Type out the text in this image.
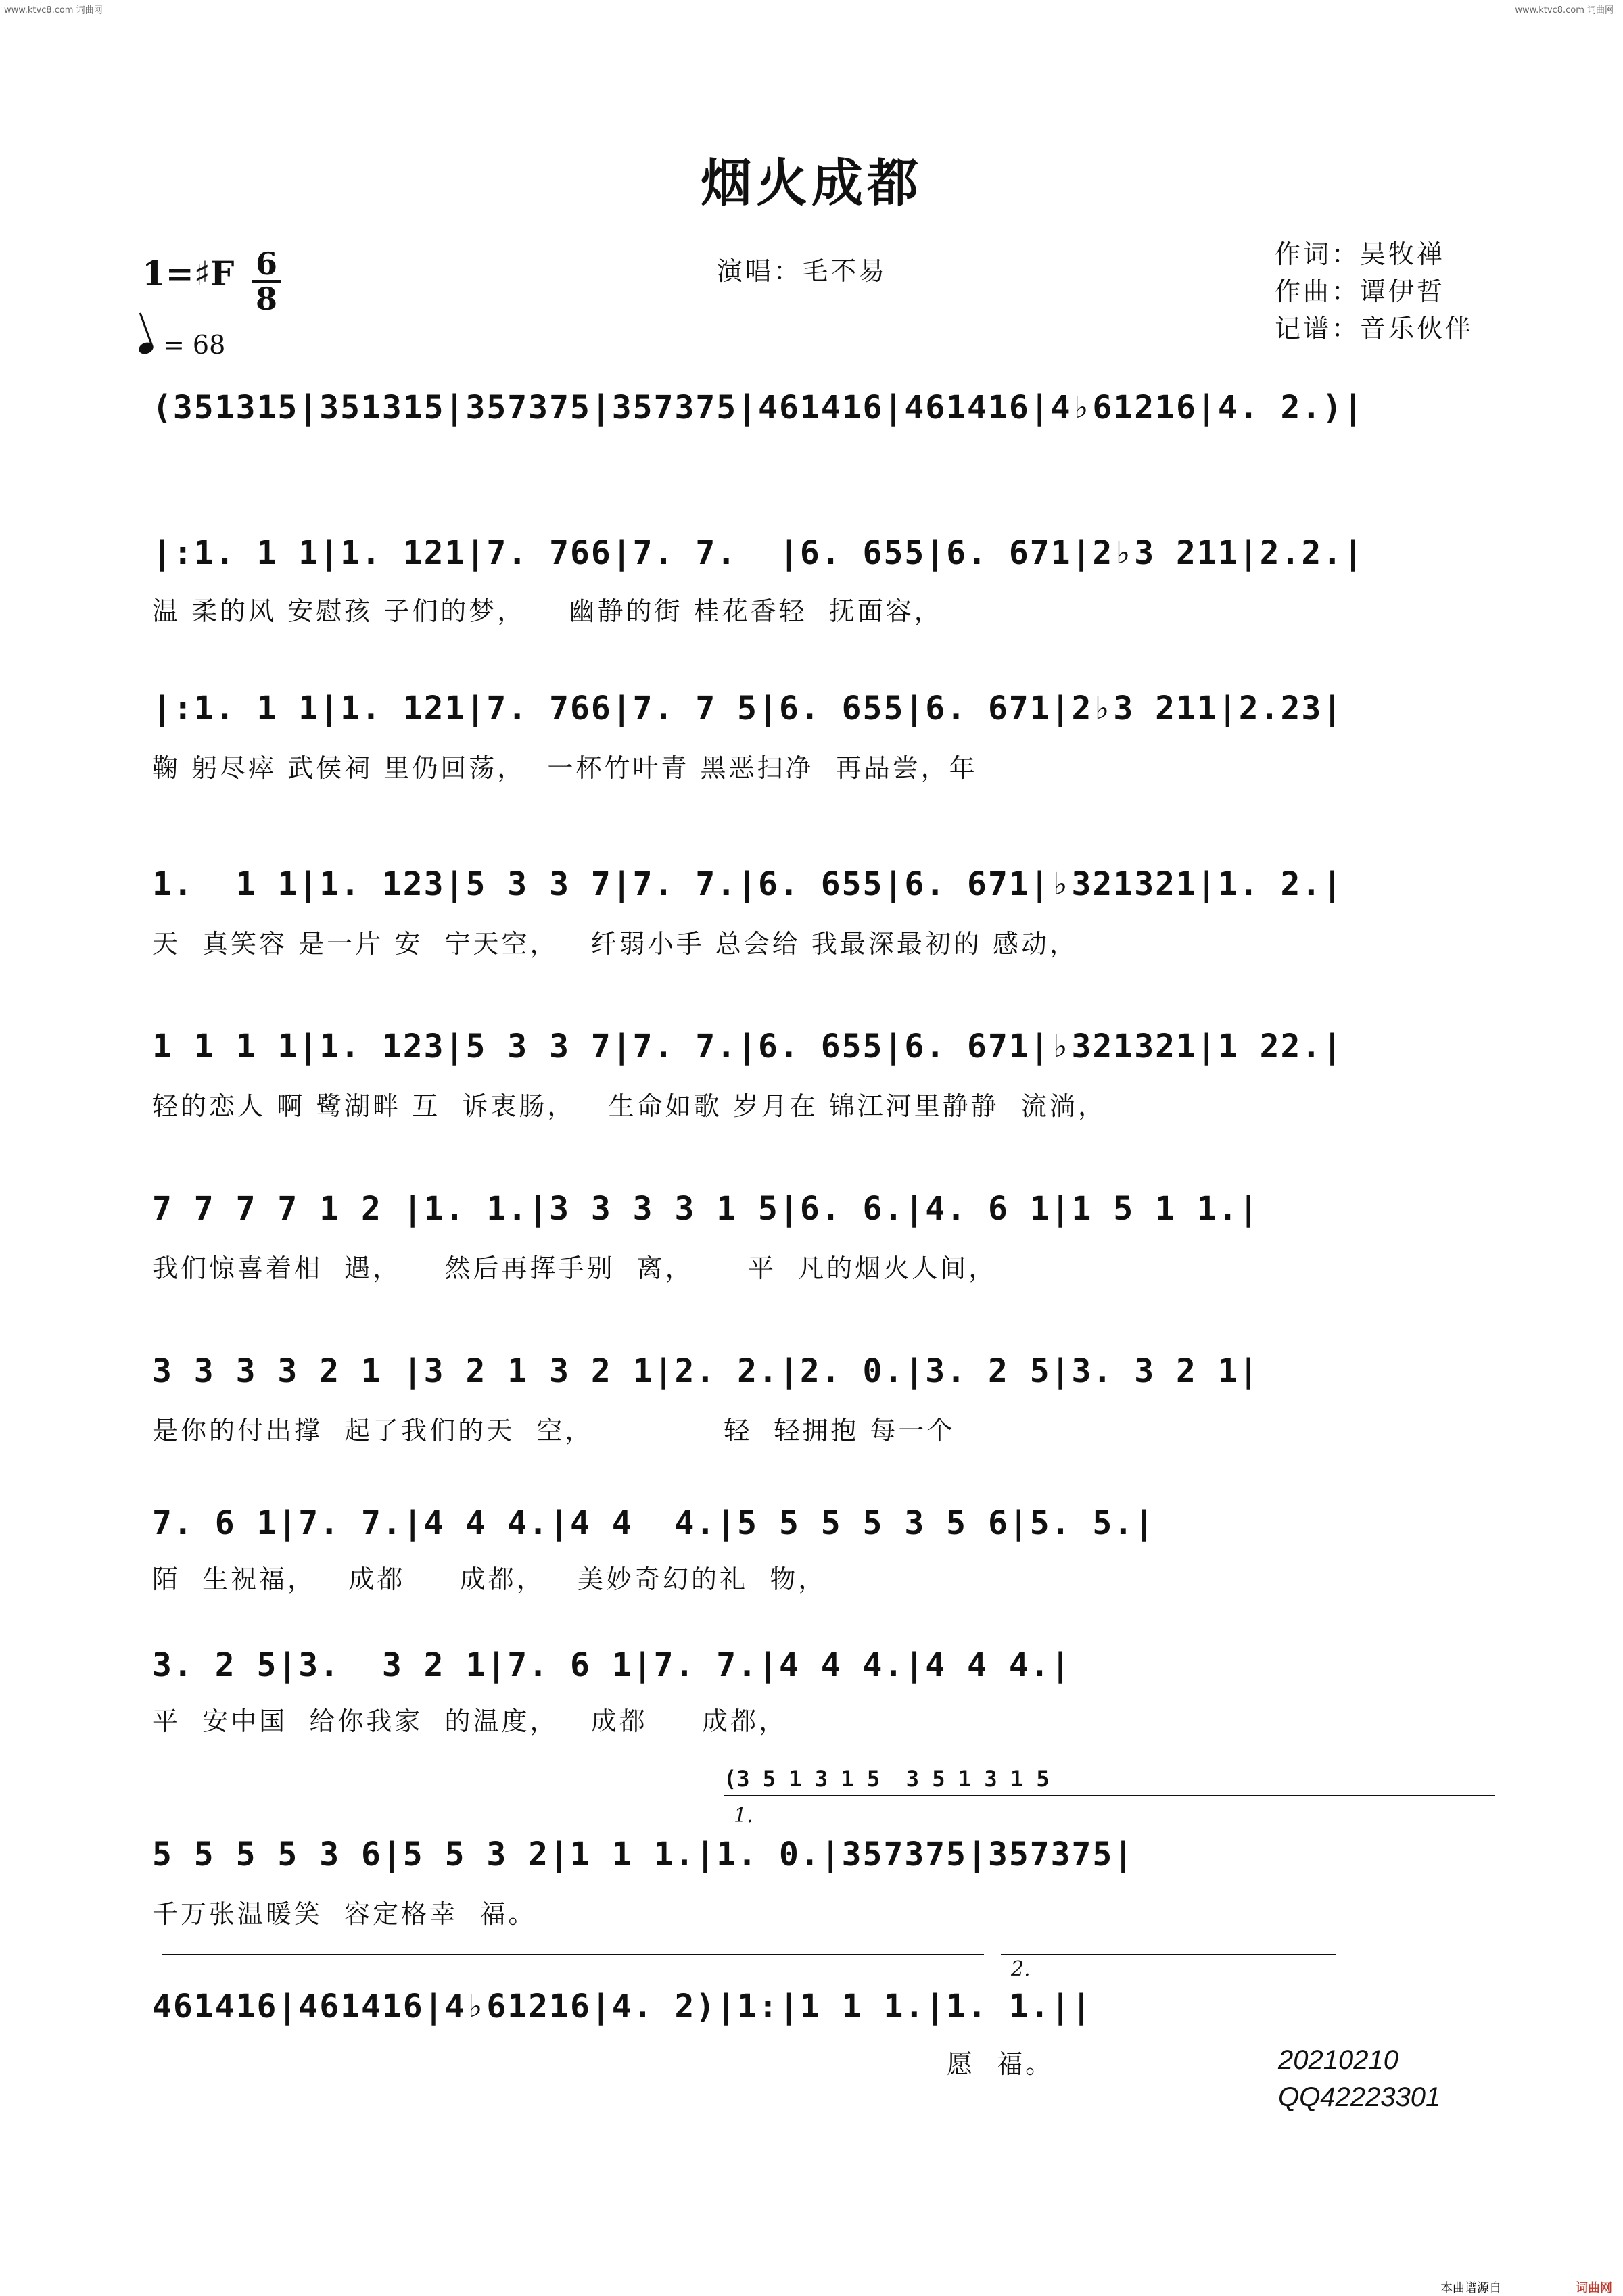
www.ktvc8.com 词曲网	www.ktvc8.com 词曲网
烟火成都
演唱：毛不易
作词：吴牧禅
作曲：谭伊哲
记谱：音乐伙伴
1=♯F 6
8
= 68
(351315|351315|357375|357375|461416|461416|4♭61216|4. 2.)|
|:1. 1 1|1. 121|7. 766|7. 7.  |6. 655|6. 671|2♭3 211|2.2.|
温 柔的风 安慰孩 子们的梦，    幽静的街 桂花香轻  抚面容，
|:1. 1 1|1. 121|7. 766|7. 7 5|6. 655|6. 671|2♭3 211|2.23|
鞠 躬尽瘁 武侯祠 里仍回荡，  一杯竹叶青 黑恶扫净  再品尝，年
1.  1 1|1. 123|5 3 3 7|7. 7.|6. 655|6. 671|♭321321|1. 2.|
天  真笑容 是一片 安  宁天空，   纤弱小手 总会给 我最深最初的 感动，
1 1 1 1|1. 123|5 3 3 7|7. 7.|6. 655|6. 671|♭321321|1 22.|
轻的恋人 啊 鹭湖畔 互  诉衷肠，   生命如歌 岁月在 锦江河里静静  流淌，
7 7 7 7 1 2 |1. 1.|3 3 3 3 1 5|6. 6.|4. 6 1|1 5 1 1.|
我们惊喜着相  遇，    然后再挥手别  离，     平  凡的烟火人间，
3 3 3 3 2 1 |3 2 1 3 2 1|2. 2.|2. 0.|3. 2 5|3. 3 2 1|
是你的付出撑  起了我们的天  空，            轻  轻拥抱 每一个
7. 6 1|7. 7.|4 4 4.|4 4  4.|5 5 5 5 3 5 6|5. 5.|
陌  生祝福，   成都     成都，   美妙奇幻的礼  物，
3. 2 5|3.  3 2 1|7. 6 1|7. 7.|4 4 4.|4 4 4.|
平  安中国  给你我家  的温度，   成都     成都，
(3 5 1 3 1 5  3 5 1 3 1 5
1.
5 5 5 5 3 6|5 5 3 2|1 1 1.|1. 0.|357375|357375|
千万张温暖笑  容定格幸  福。
2.
461416|461416|4♭61216|4. 2)|1:|1 1 1.|1. 1.||
愿  福。	20210210
QQ42223301
本曲谱源自	词曲网
